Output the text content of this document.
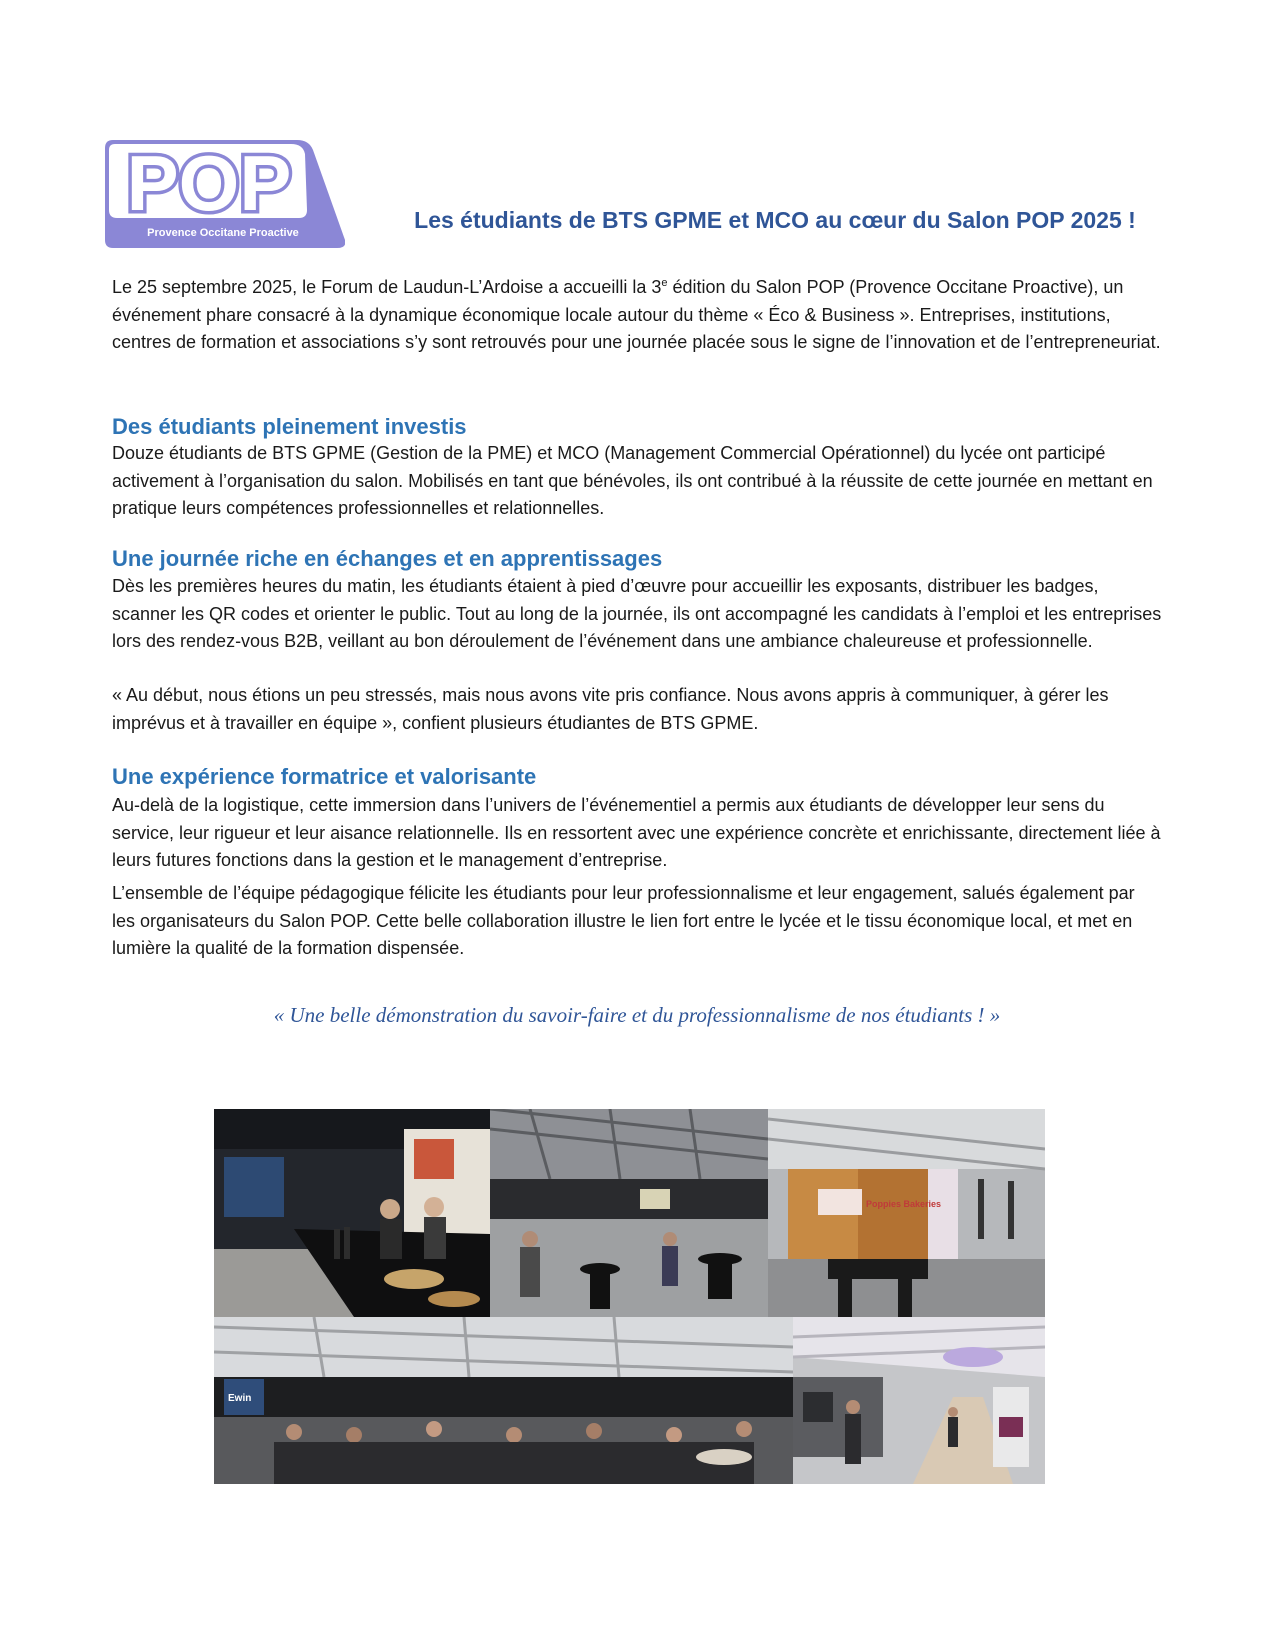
POP
Provence Occitane Proactive	Les étudiants de BTS GPME et MCO au cœur du Salon POP 2025 !

Le 25 septembre 2025, le Forum de Laudun-L’Ardoise a accueilli la 3e édition du Salon POP (Provence Occitane Proactive), un événement phare consacré à la dynamique économique locale autour du thème « Éco & Business ». Entreprises, institutions, centres de formation et associations s’y sont retrouvés pour une journée placée sous le signe de l’innovation et de l’entrepreneuriat.

Des étudiants pleinement investis

Douze étudiants de BTS GPME (Gestion de la PME) et MCO (Management Commercial Opérationnel) du lycée ont participé activement à l’organisation du salon. Mobilisés en tant que bénévoles, ils ont contribué à la réussite de cette journée en mettant en pratique leurs compétences professionnelles et relationnelles.

Une journée riche en échanges et en apprentissages

Dès les premières heures du matin, les étudiants étaient à pied d’œuvre pour accueillir les exposants, distribuer les badges, scanner les QR codes et orienter le public. Tout au long de la journée, ils ont accompagné les candidats à l’emploi et les entreprises lors des rendez-vous B2B, veillant au bon déroulement de l’événement dans une ambiance chaleureuse et professionnelle.

« Au début, nous étions un peu stressés, mais nous avons vite pris confiance. Nous avons appris à communiquer, à gérer les imprévus et à travailler en équipe », confient plusieurs étudiantes de BTS GPME.

Une expérience formatrice et valorisante

Au-delà de la logistique, cette immersion dans l’univers de l’événementiel a permis aux étudiants de développer leur sens du service, leur rigueur et leur aisance relationnelle. Ils en ressortent avec une expérience concrète et enrichissante, directement liée à leurs futures fonctions dans la gestion et le management d’entreprise.

L’ensemble de l’équipe pédagogique félicite les étudiants pour leur professionnalisme et leur engagement, salués également par les organisateurs du Salon POP. Cette belle collaboration illustre le lien fort entre le lycée et le tissu économique local, et met en lumière la qualité de la formation dispensée.

« Une belle démonstration du savoir-faire et du professionnalisme de nos étudiants ! »

Poppies Bakeries
Ewin
